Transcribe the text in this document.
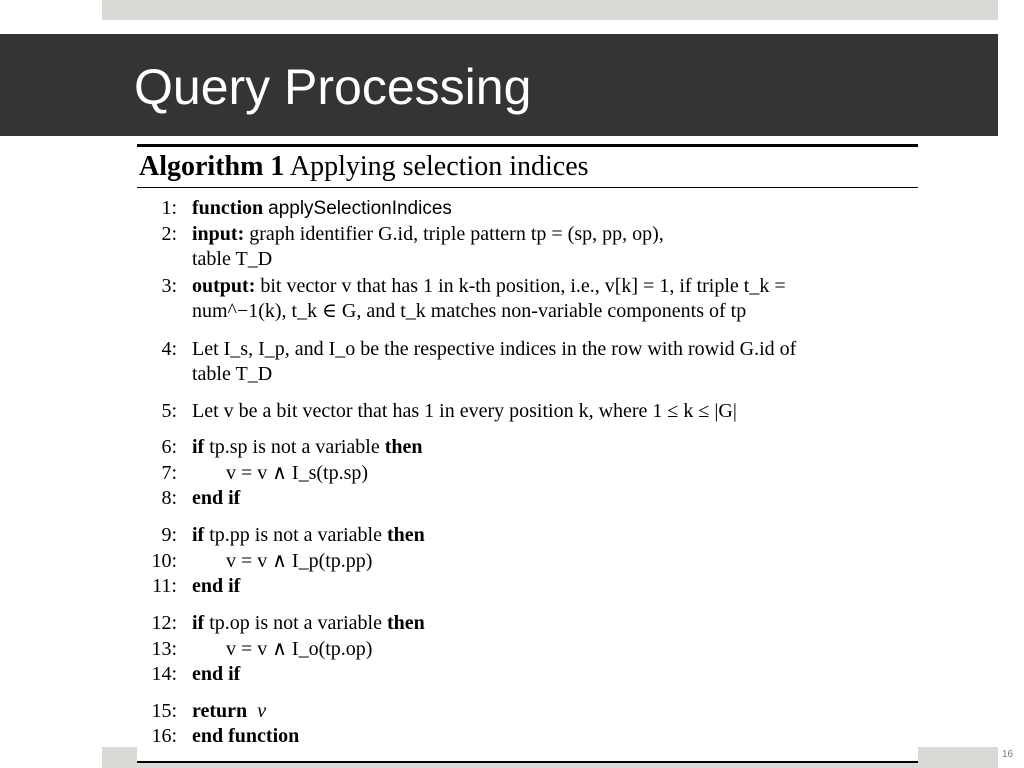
Query Processing
Algorithm 1 Applying selection indices
1: function applySelectionIndices
2: input: graph identifier G.id, triple pattern tp = (sp, pp, op),
table T_D
3: output: bit vector v that has 1 in k-th position, i.e., v[k] = 1, if triple t_k =
num^−1(k), t_k ∈ G, and t_k matches non-variable components of tp
4: Let I_s, I_p, and I_o be the respective indices in the row with rowid G.id of
table T_D
5: Let v be a bit vector that has 1 in every position k, where 1 ≤ k ≤ |G|
6: if tp.sp is not a variable then
7: v = v ∧ I_s(tp.sp)
8: end if
9: if tp.pp is not a variable then
10: v = v ∧ I_p(tp.pp)
11: end if
12: if tp.op is not a variable then
13: v = v ∧ I_o(tp.op)
14: end if
15: return v
16: end function
16
